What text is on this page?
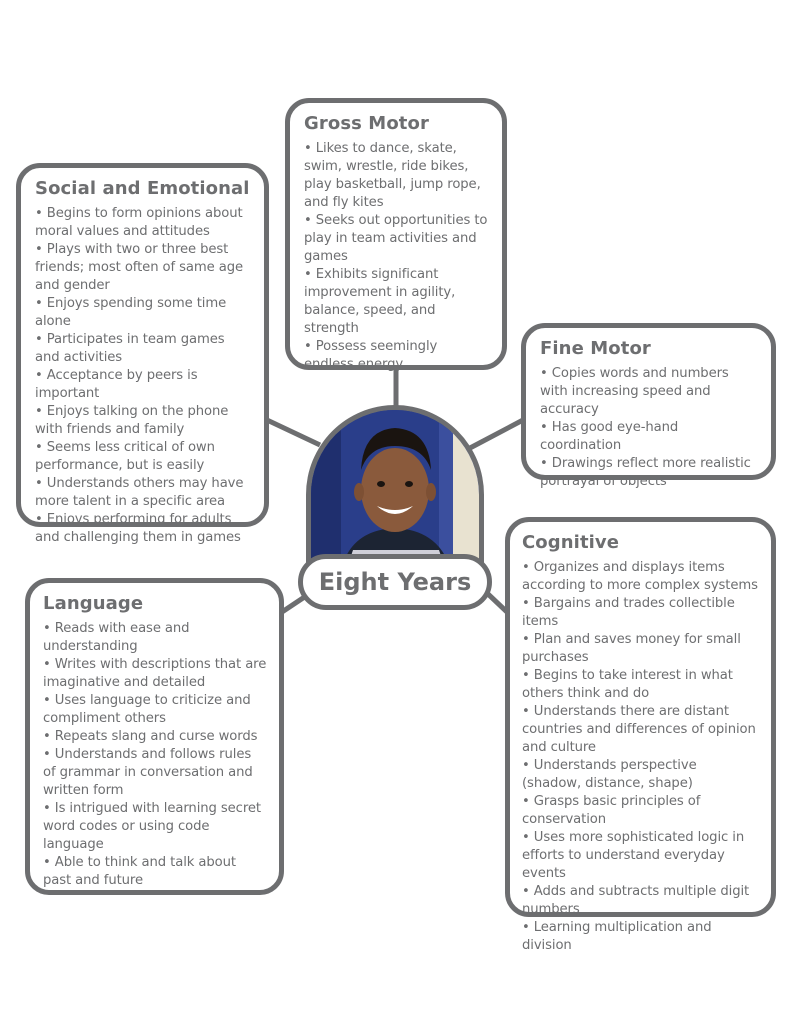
Social and Emotional
• Begins to form opinions about moral values and attitudes
• Plays with two or three best friends; most often of same age and gender
• Enjoys spending some time alone
• Participates in team games and activities
• Acceptance by peers is important
• Enjoys talking on the phone with friends and family
• Seems less critical of own performance, but is easily
• Understands others may have more talent in a specific area
• Enjoys performing for adults and challenging them in games
Gross Motor
• Likes to dance, skate, swim, wrestle, ride bikes, play basketball, jump rope, and fly kites
• Seeks out opportunities to play in team activities and games
• Exhibits significant improvement in agility, balance, speed, and strength
• Possess seemingly endless energy
Fine Motor
• Copies words and numbers with increasing speed and accuracy
• Has good eye-hand coordination
• Drawings reflect more realistic portrayal of objects
Eight Years
Language
• Reads with ease and understanding
• Writes with descriptions that are imaginative and detailed
• Uses language to criticize and compliment others
• Repeats slang and curse words
• Understands and follows rules of grammar in conversation and written form
• Is intrigued with learning secret word codes or using code language
• Able to think and talk about past and future
Cognitive
• Organizes and displays items according to more complex systems
• Bargains and trades collectible items
• Plan and saves money for small purchases
• Begins to take interest in what others think and do
• Understands there are distant countries and differences of opinion and culture
• Understands perspective (shadow, distance, shape)
• Grasps basic principles of conservation
• Uses more sophisticated logic in efforts to understand everyday events
• Adds and subtracts multiple digit numbers
• Learning multiplication and division
